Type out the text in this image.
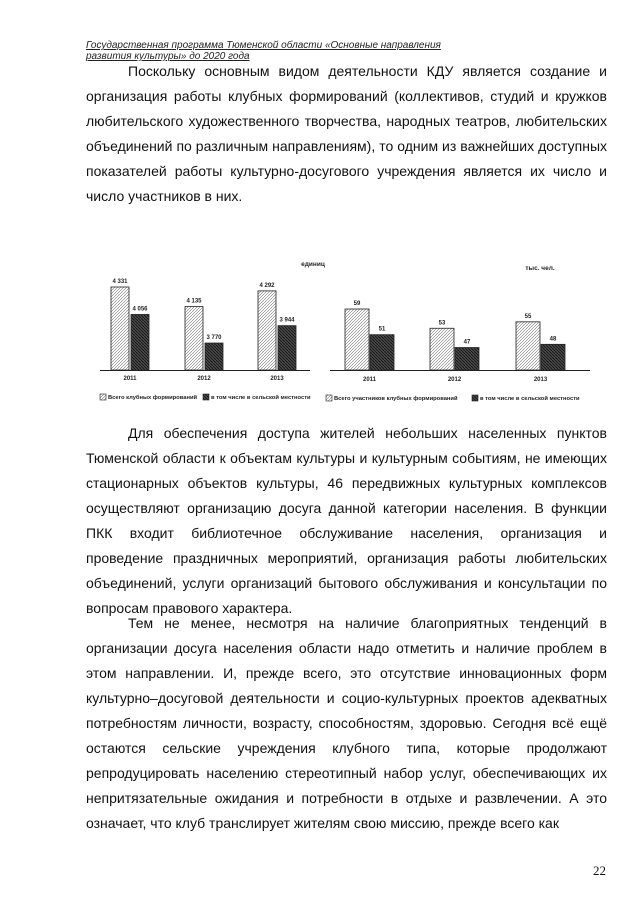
Государственная программа Тюменской области «Основные направления
развития культуры» до 2020 года

Поскольку основным видом деятельности КДУ является создание и организация работы клубных формирований (коллективов, студий и кружков любительского художественного творчества, народных театров, любительских объединений по различным направлениям), то одним из важнейших доступных показателей работы культурно-досугового учреждения является их число и число участников в них.

единиц
4 331
4 056
2011
4 135
3 770
2012
4 292
3 944
2013
Всего клубных формирований в том числе в сельской местности
тыс. чел.
59
51
2011
53
47
2012
55
48
2013
Всего участников клубных формирований	в том числе в сельской местности

Для обеспечения доступа жителей небольших населенных пунктов Тюменской области к объектам культуры и культурным событиям, не имеющих стационарных объектов культуры, 46 передвижных культурных комплексов осуществляют организацию досуга данной категории населения. В функции ПКК входит библиотечное обслуживание населения, организация и проведение праздничных мероприятий, организация работы любительских объединений, услуги организаций бытового обслуживания и консультации по вопросам правового характера.

Тем не менее, несмотря на наличие благоприятных тенденций в организации досуга населения области надо отметить и наличие проблем в этом направлении. И, прежде всего, это отсутствие инновационных форм культурно–досуговой деятельности и социо-культурных проектов адекватных потребностям личности, возрасту, способностям, здоровью. Сегодня всё ещё остаются сельские учреждения клубного типа, которые продолжают репродуцировать населению стереотипный набор услуг, обеспечивающих их непритязательные ожидания и потребности в отдыхе и развлечении. А это означает, что клуб транслирует жителям свою миссию, прежде всего как

22
